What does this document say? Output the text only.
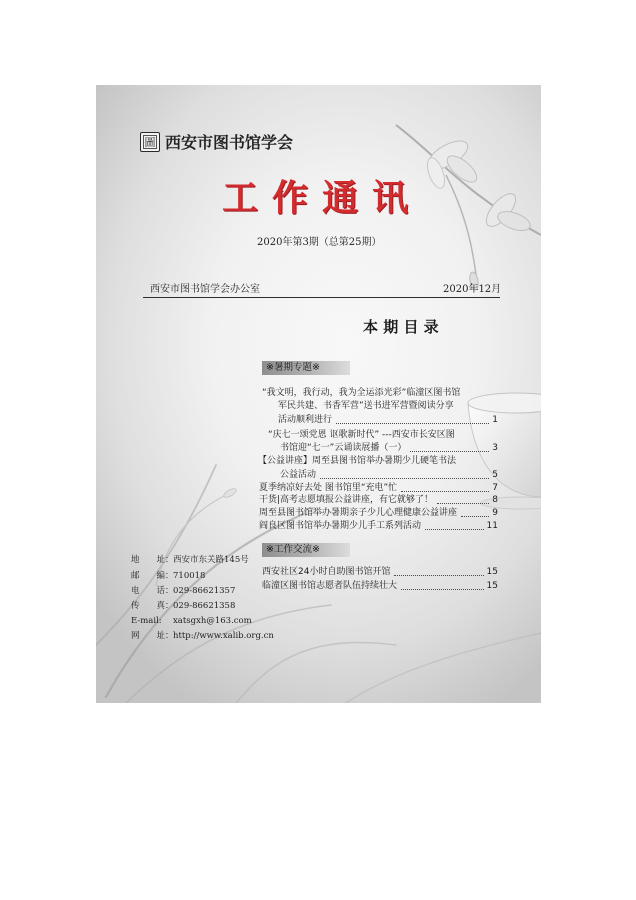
圖 西安市图书馆学会
工作通讯
2020年第3期（总第25期）
西安市图书馆学会办公室	2020年12月
本 期 目 录
※暑期专题※
“我文明，我行动，我为全运添光彩”临潼区图书馆
军民共建、书香军营”送书进军营暨阅读分享
活动顺利进行	1
“庆七一颂党恩 讴歌新时代” ---西安市长安区图
书馆迎“七一”云诵读展播（一）	3
【公益讲座】周至县图书馆举办暑期少儿硬笔书法
公益活动	5
夏季纳凉好去处 图书馆里“充电”忙	7
干货|高考志愿填报公益讲座，有它就够了！	8
周至县图书馆举办暑期亲子少儿心理健康公益讲座	9
阎良区图书馆举办暑期少儿手工系列活动	11
※工作交流※
西安社区24小时自助图书馆开馆	15
临潼区图书馆志愿者队伍持续壮大	15
地　　址：西安市东关路145号
邮　　编：710018
电　　话：029-86621357
传　　真：029-86621358
E-mail: xatsgxh@163.com
网　　址：http://www.xalib.org.cn
